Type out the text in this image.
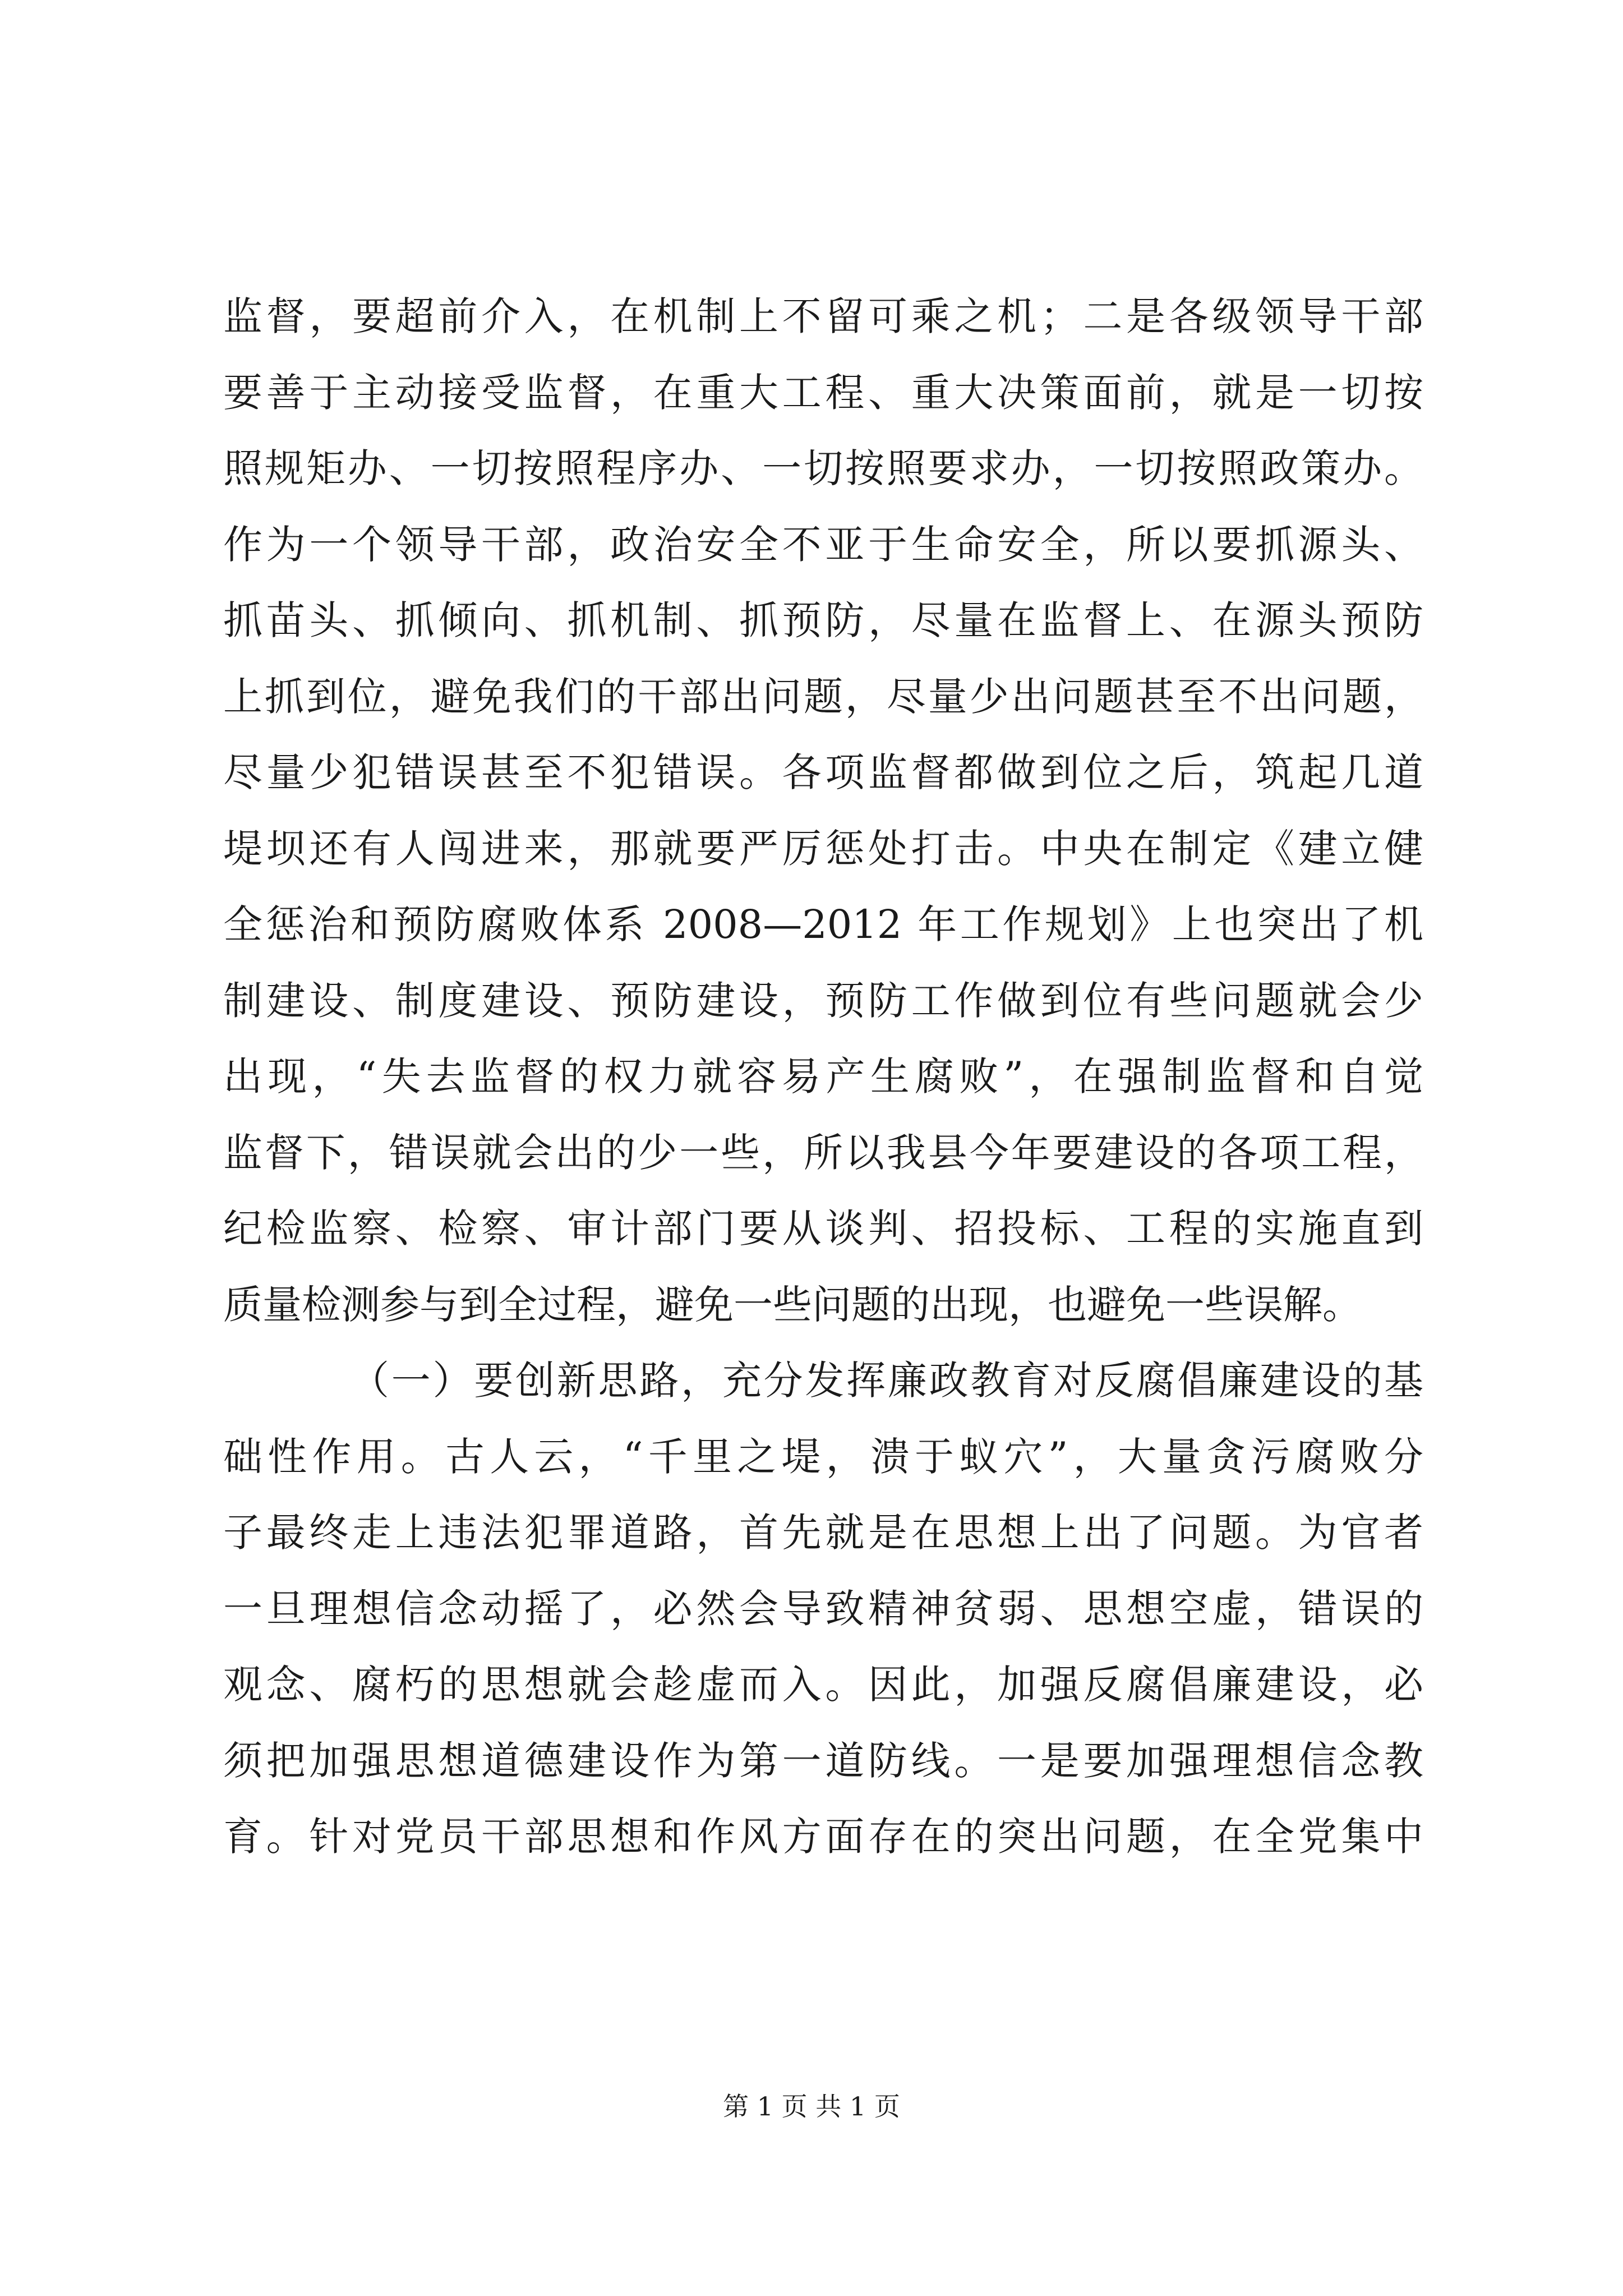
监督，要超前介入，在机制上不留可乘之机；二是各级领导干部
要善于主动接受监督，在重大工程、重大决策面前，就是一切按
照规矩办、一切按照程序办、一切按照要求办，一切按照政策办。
作为一个领导干部，政治安全不亚于生命安全，所以要抓源头、
抓苗头、抓倾向、抓机制、抓预防，尽量在监督上、在源头预防
上抓到位，避免我们的干部出问题，尽量少出问题甚至不出问题，
尽量少犯错误甚至不犯错误。各项监督都做到位之后，筑起几道
堤坝还有人闯进来，那就要严厉惩处打击。中央在制定《建立健
全惩治和预防腐败体系 2008—2012 年工作规划》上也突出了机
制建设、制度建设、预防建设，预防工作做到位有些问题就会少
出现，“失去监督的权力就容易产生腐败”，在强制监督和自觉
监督下，错误就会出的少一些，所以我县今年要建设的各项工程，
纪检监察、检察、审计部门要从谈判、招投标、工程的实施直到
质量检测参与到全过程，避免一些问题的出现，也避免一些误解。
（一）要创新思路，充分发挥廉政教育对反腐倡廉建设的基
础性作用。古人云，“千里之堤，溃于蚁穴”，大量贪污腐败分
子最终走上违法犯罪道路，首先就是在思想上出了问题。为官者
一旦理想信念动摇了，必然会导致精神贫弱、思想空虚，错误的
观念、腐朽的思想就会趁虚而入。因此，加强反腐倡廉建设，必
须把加强思想道德建设作为第一道防线。一是要加强理想信念教
育。针对党员干部思想和作风方面存在的突出问题，在全党集中
第 1 页 共 1 页
